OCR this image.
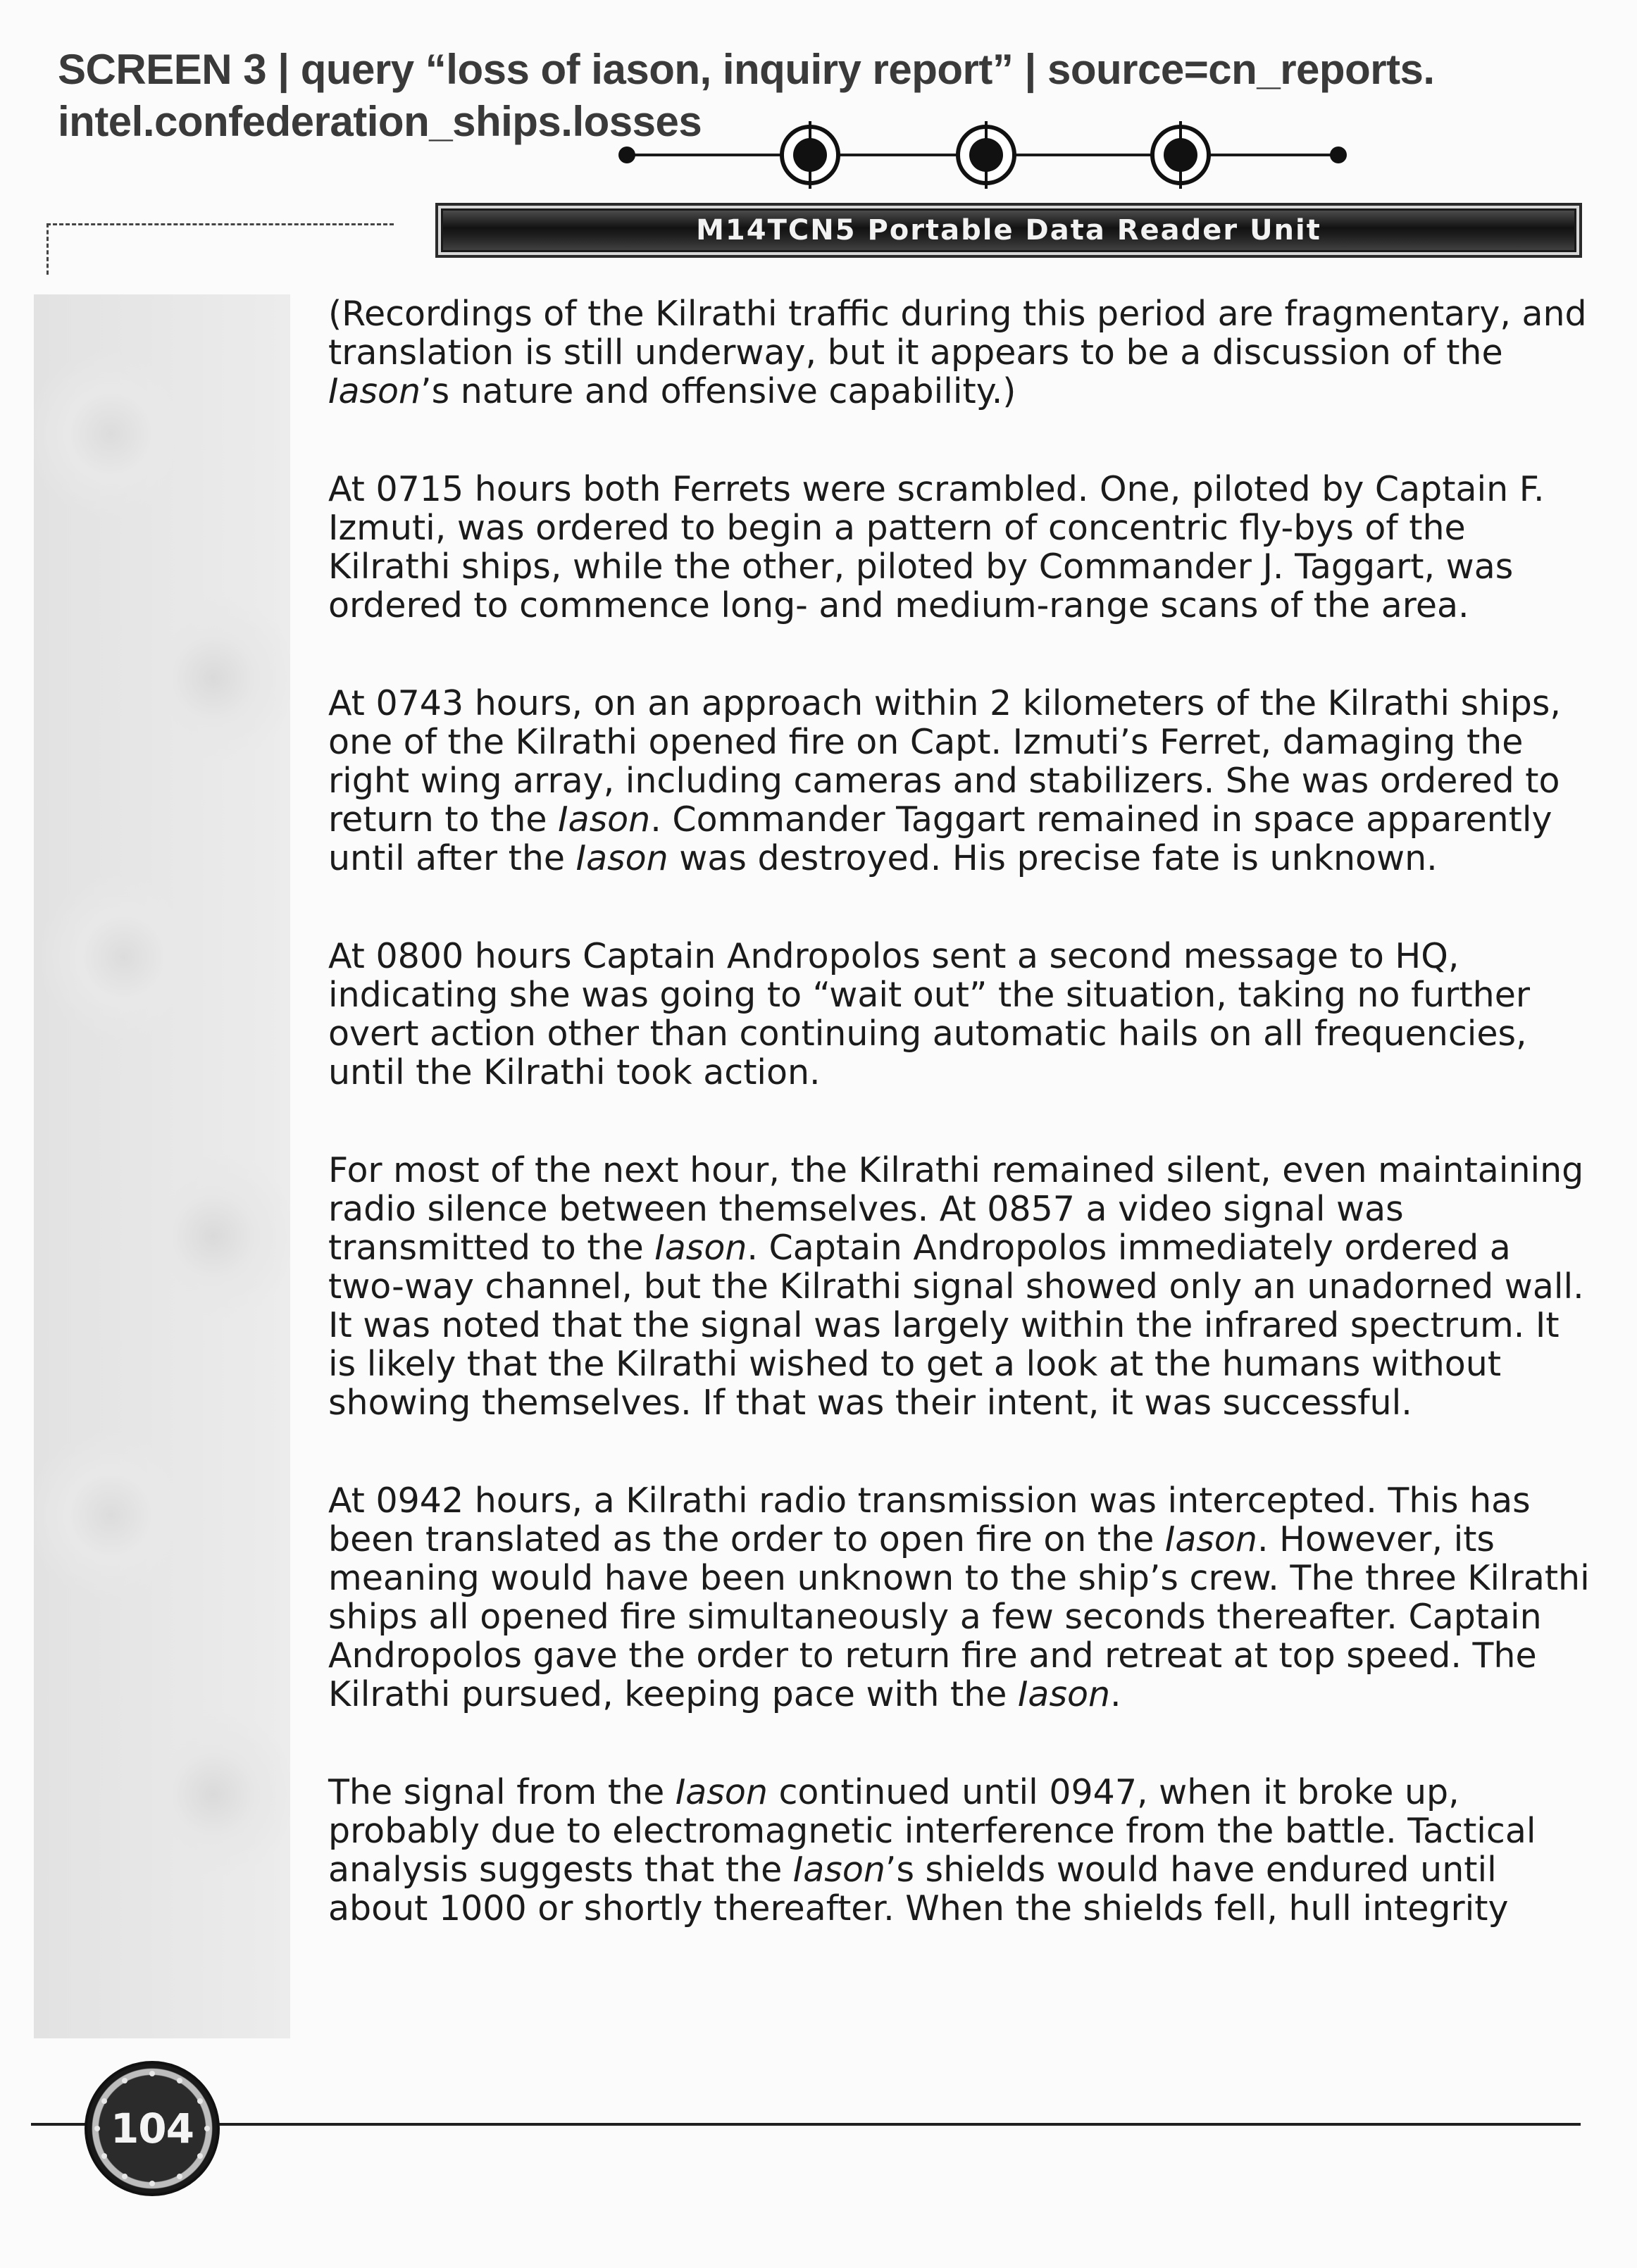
SCREEN 3 | query “loss of iason, inquiry report” | source=cn_reports.
intel.confederation_ships.losses
M14TCN5 Portable Data Reader Unit

(Recordings of the Kilrathi traffic during this period are fragmentary, and translation is still underway, but it appears to be a discussion of the Iason’s nature and offensive capability.)

At 0715 hours both Ferrets were scrambled. One, piloted by Captain F. Izmuti, was ordered to begin a pattern of concentric fly-bys of the Kilrathi ships, while the other, piloted by Commander J. Taggart, was ordered to commence long- and medium-range scans of the area.

At 0743 hours, on an approach within 2 kilometers of the Kilrathi ships, one of the Kilrathi opened fire on Capt. Izmuti’s Ferret, damaging the right wing array, including cameras and stabilizers. She was ordered to return to the Iason. Commander Taggart remained in space apparently until after the Iason was destroyed. His precise fate is unknown.

At 0800 hours Captain Andropolos sent a second message to HQ, indicating she was going to “wait out” the situation, taking no further overt action other than continuing automatic hails on all frequencies, until the Kilrathi took action.

For most of the next hour, the Kilrathi remained silent, even maintaining radio silence between themselves. At 0857 a video signal was transmitted to the Iason. Captain Andropolos immediately ordered a two-way channel, but the Kilrathi signal showed only an unadorned wall. It was noted that the signal was largely within the infrared spectrum. It is likely that the Kilrathi wished to get a look at the humans without showing themselves. If that was their intent, it was successful.

At 0942 hours, a Kilrathi radio transmission was intercepted. This has been translated as the order to open fire on the Iason. However, its meaning would have been unknown to the ship’s crew. The three Kilrathi ships all opened fire simultaneously a few seconds thereafter. Captain Andropolos gave the order to return fire and retreat at top speed. The Kilrathi pursued, keeping pace with the Iason.

The signal from the Iason continued until 0947, when it broke up, probably due to electromagnetic interference from the battle. Tactical analysis suggests that the Iason’s shields would have endured until about 1000 or shortly thereafter. When the shields fell, hull integrity

104
